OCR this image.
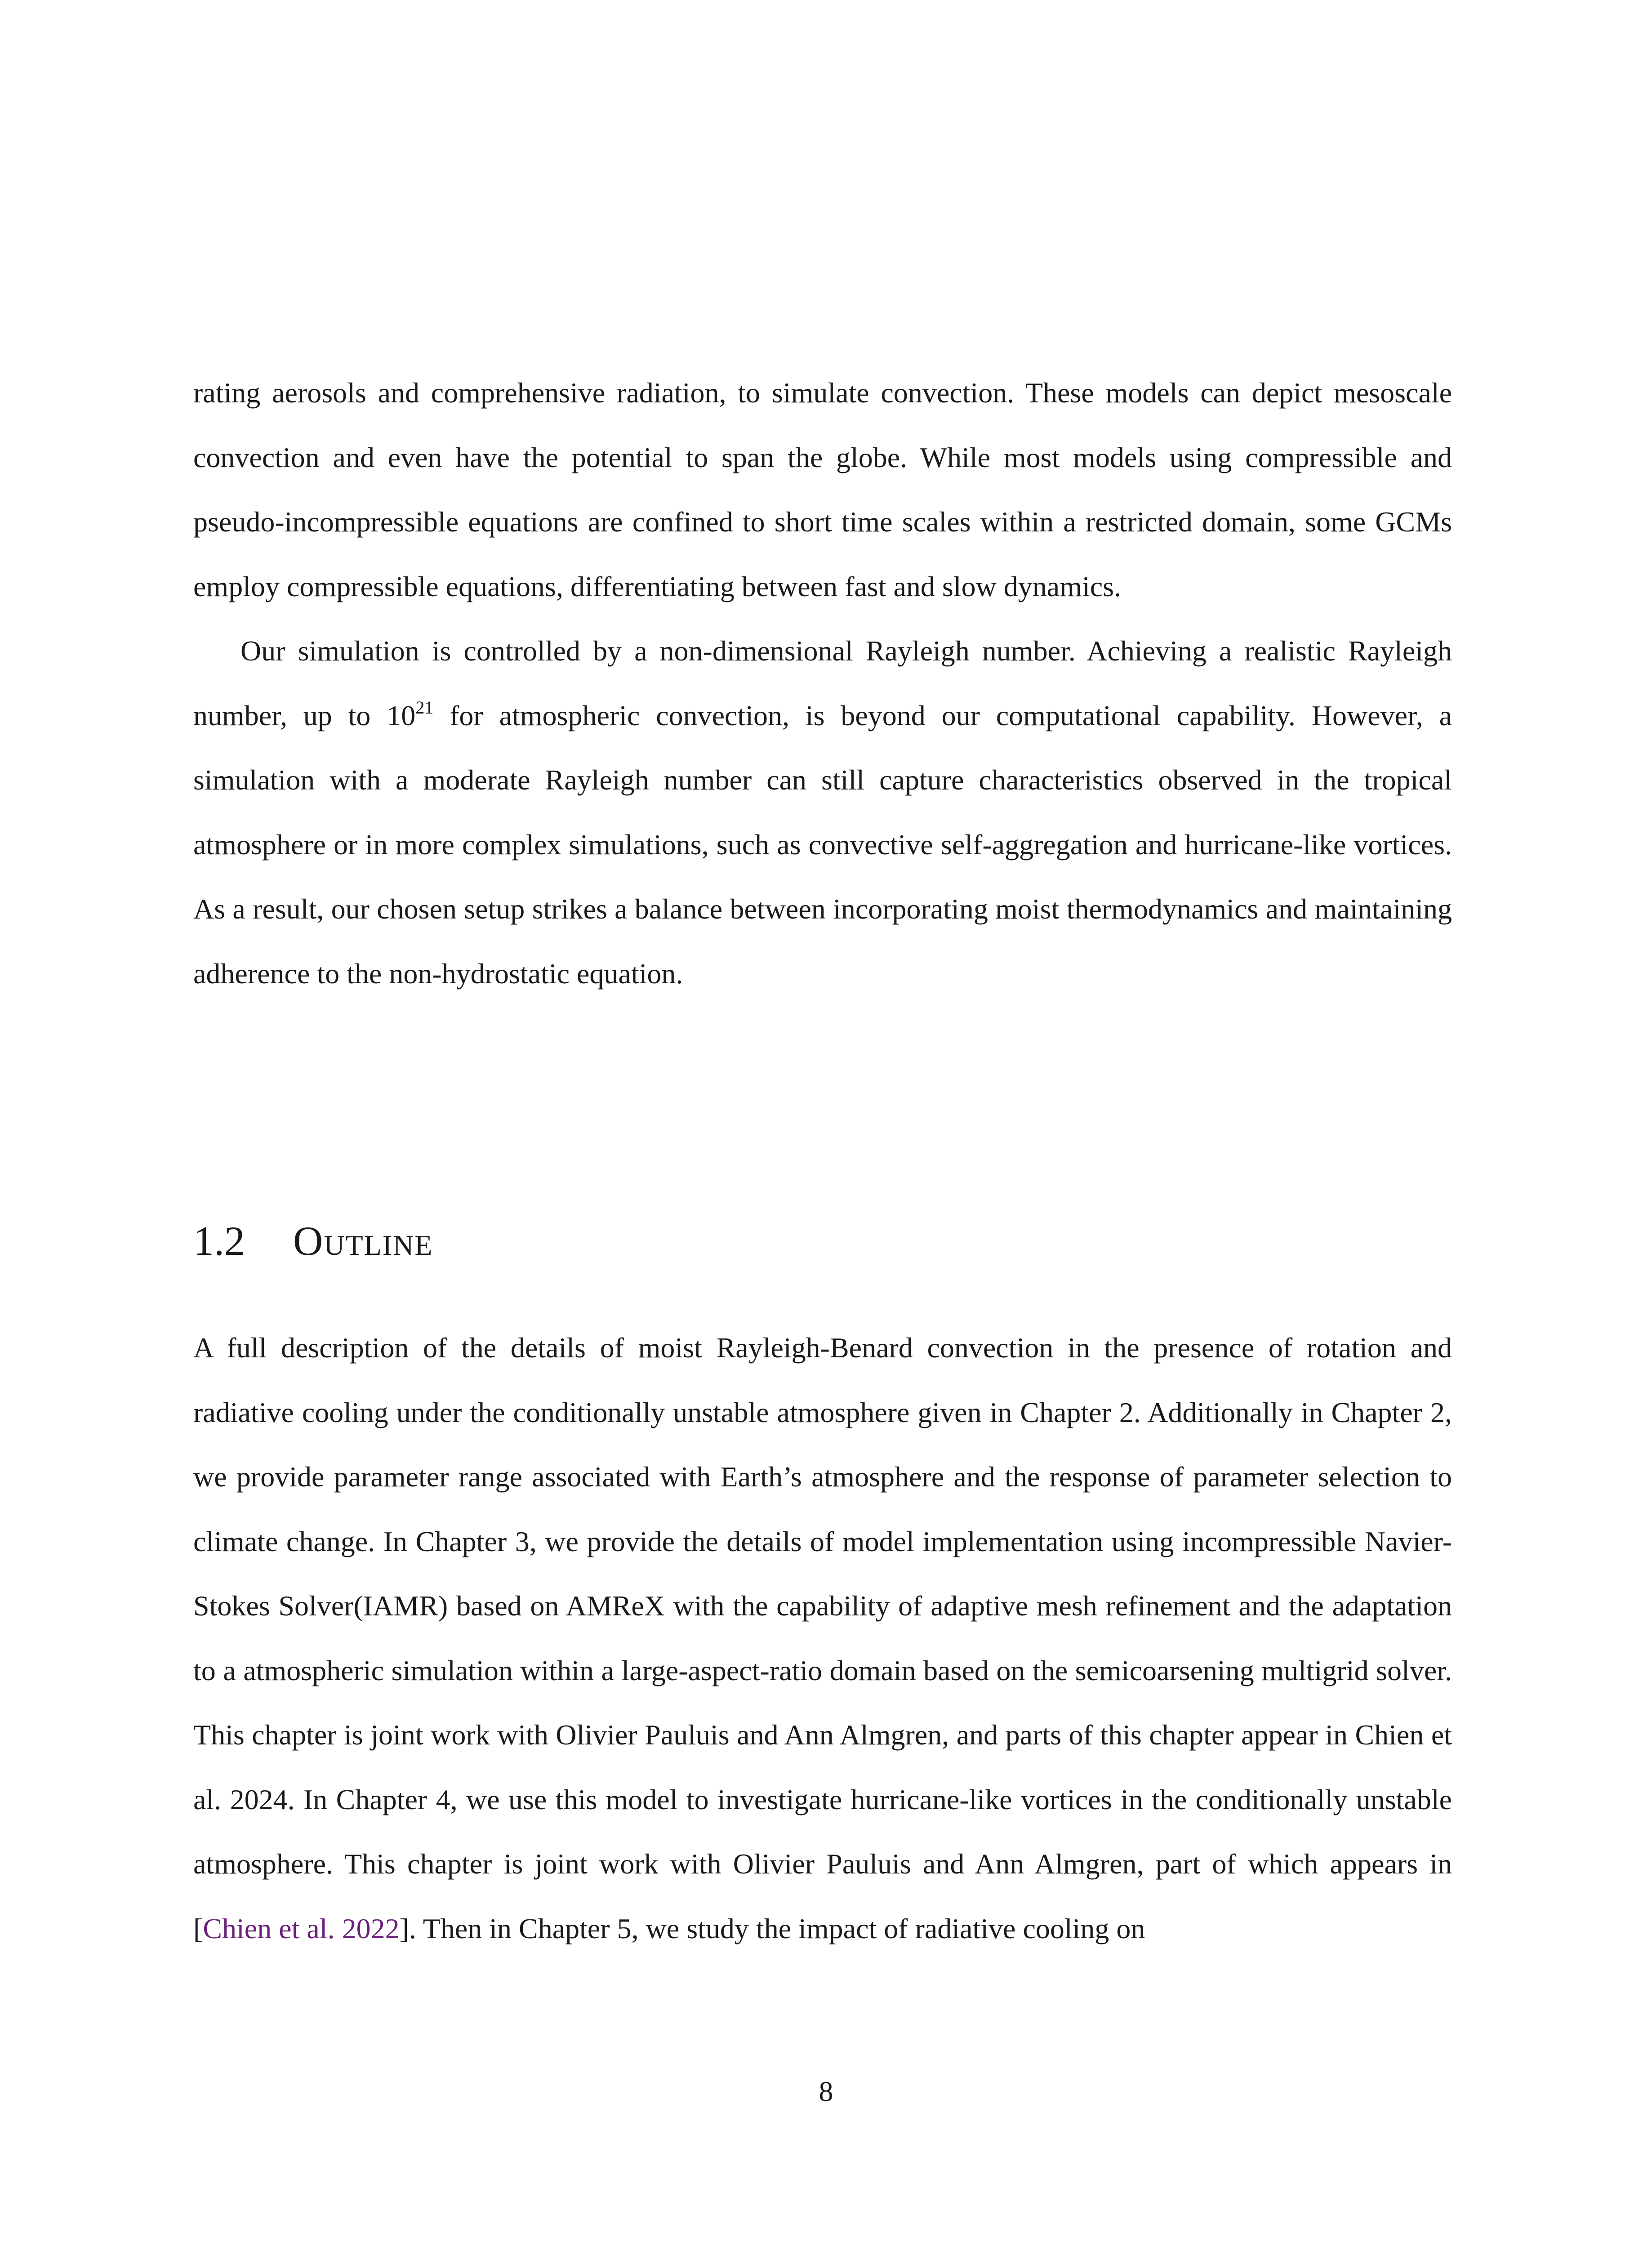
rating aerosols and comprehensive radiation, to simulate convection. These models can depict mesoscale convection and even have the potential to span the globe. While most models using compressible and pseudo-incompressible equations are confined to short time scales within a restricted domain, some GCMs employ compressible equations, differentiating between fast and slow dynamics.

Our simulation is controlled by a non-dimensional Rayleigh number. Achieving a realistic Rayleigh number, up to $10^{21}$ for atmospheric convection, is beyond our computational capability. However, a simulation with a moderate Rayleigh number can still capture characteristics observed in the tropical atmosphere or in more complex simulations, such as convective self-aggregation and hurricane-like vortices. As a result, our chosen setup strikes a balance between incorporating moist thermodynamics and maintaining adherence to the non-hydrostatic equation.

1.2 Outline

A full description of the details of moist Rayleigh-Benard convection in the presence of rotation and radiative cooling under the conditionally unstable atmosphere given in Chapter 2. Additionally in Chapter 2, we provide parameter range associated with Earth’s atmosphere and the response of parameter selection to climate change. In Chapter 3, we provide the details of model implementation using incompressible Navier-Stokes Solver(IAMR) based on AMReX with the capability of adaptive mesh refinement and the adaptation to a atmospheric simulation within a large-aspect-ratio domain based on the semicoarsening multigrid solver. This chapter is joint work with Olivier Pauluis and Ann Almgren, and parts of this chapter appear in Chien et al. 2024. In Chapter 4, we use this model to investigate hurricane-like vortices in the conditionally unstable atmosphere. This chapter is joint work with Olivier Pauluis and Ann Almgren, part of which appears in [Chien et al. 2022]. Then in Chapter 5, we study the impact of radiative cooling on

8
